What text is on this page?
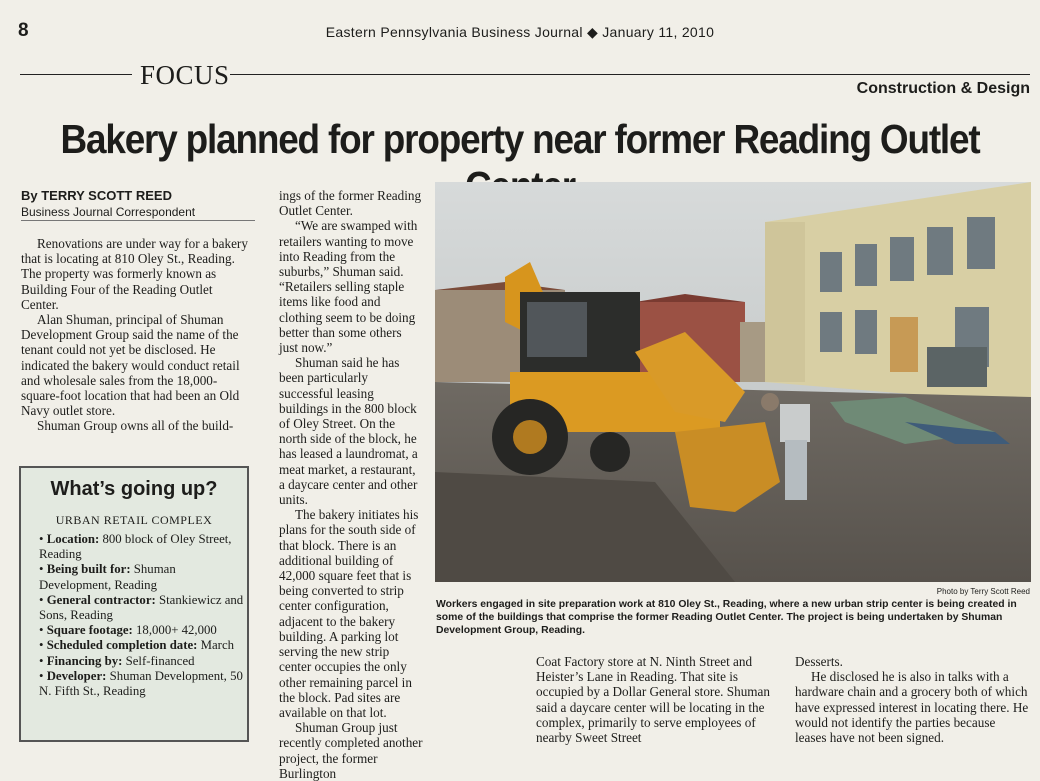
8	Eastern Pennsylvania Business Journal ◆ January 11, 2010
FOCUS	Construction & Design
Bakery planned for property near former Reading Outlet
By TERRY SCOTT REED
Business Journal Correspondent

Renovations are under way for a bakery that is locating at 810 Oley St., Reading. The property was formerly known as Building Four of the Reading Outlet Center.

Alan Shuman, principal of Shuman Development Group said the name of the tenant could not yet be disclosed. He indicated the bakery would conduct retail and wholesale sales from the 18,000-square-foot location that had been an Old Navy outlet store.

Shuman Group owns all of the build-

ings of the former Reading Outlet Center.

“We are swamped with retailers wanting to move into Reading from the suburbs,” Shuman said. “Retailers selling staple items like food and clothing seem to be doing better than some others just now.”

Shuman said he has been particularly successful leasing buildings in the 800 block of Oley Street. On the north side of the block, he has leased a laundromat, a meat market, a restaurant, a daycare center and other units.

The bakery initiates his plans for the south side of that block. There is an additional building of 42,000 square feet that is being converted to strip center configuration, adjacent to the bakery building. A parking lot serving the new strip center occupies the only other remaining parcel in the block. Pad sites are available on that lot.

Shuman Group just recently completed another project, the former Burlington

Coat Factory store at N. Ninth Street and Heister’s Lane in Reading. That site is occupied by a Dollar General store. Shuman said a daycare center will be locating in the complex, primarily to serve employees of nearby Sweet Street

Desserts.

He disclosed he is also in talks with a hardware chain and a grocery both of which have expressed interest in locating there. He would not identify the parties because leases have not been signed.

What’s going up?
URBAN RETAIL COMPLEX

• Location: 800 block of Oley Street, Reading

• Being built for: Shuman Development, Reading

• General contractor: Stankiewicz and Sons, Reading

• Square footage: 18,000+ 42,000

• Scheduled completion date: March

• Financing by: Self-financed

• Developer: Shuman Development, 50 N. Fifth St., Reading

Photo by Terry Scott Reed
Workers engaged in site preparation work at 810 Oley St., Reading, where a new urban strip center is being created in some of the buildings that comprise the former Reading Outlet Center. The project is being undertaken by Shuman Development Group, Reading.
